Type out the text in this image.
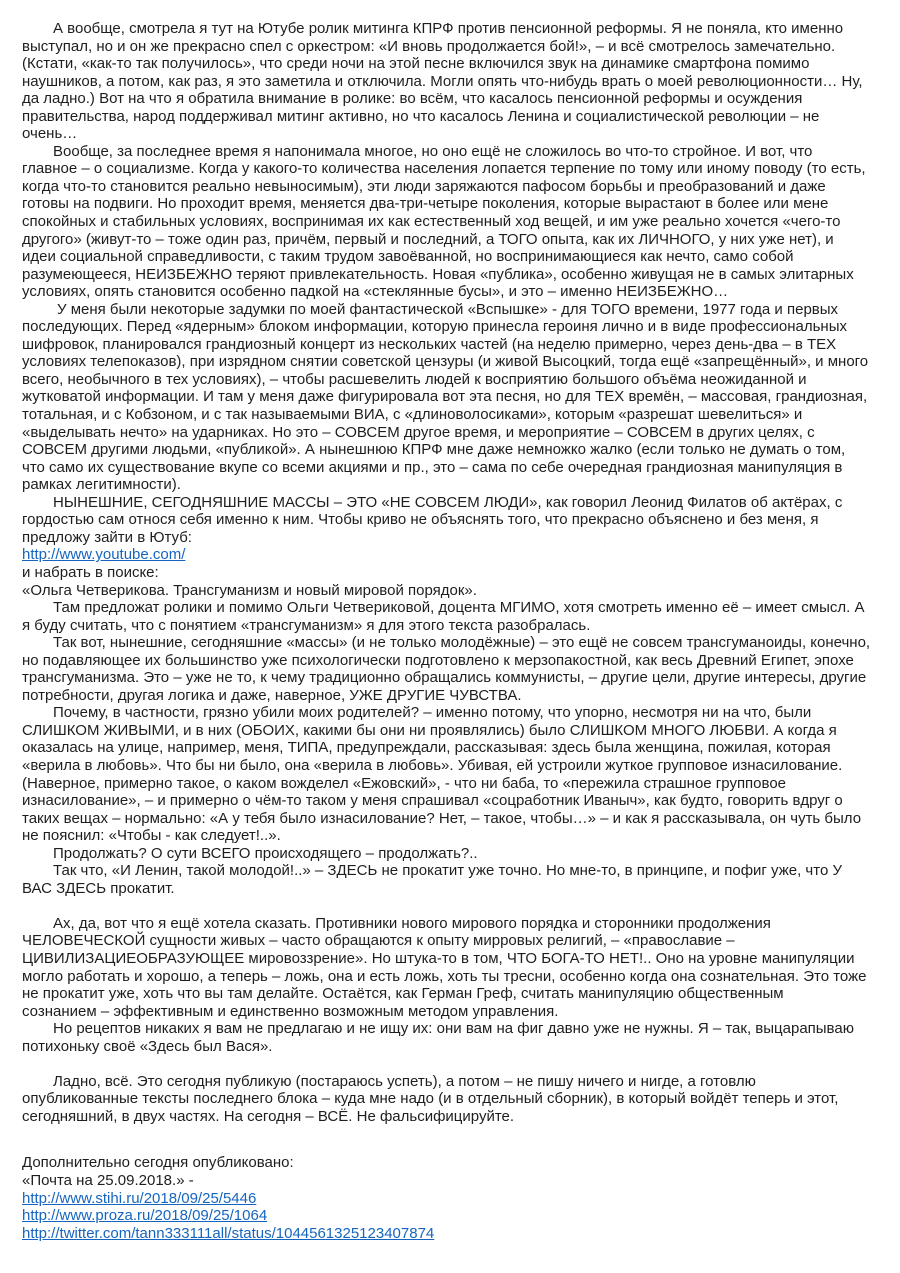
А вообще, смотрела я тут на Ютубе ролик митинга КПРФ против пенсионной реформы. Я не поняла, кто именно
выступал, но и он же прекрасно спел с оркестром: «И вновь продолжается бой!», – и всё смотрелось замечательно.
(Кстати, «как-то так получилось», что среди ночи на этой песне включился звук на динамике смартфона помимо
наушников, а потом, как раз, я это заметила и отключила. Могли опять что-нибудь врать о моей революционности… Ну,
да ладно.) Вот на что я обратила внимание в ролике: во всём, что касалось пенсионной реформы и осуждения
правительства, народ поддерживал митинг активно, но что касалось Ленина и социалистической революции – не
очень…
Вообще, за последнее время я напонимала многое, но оно ещё не сложилось во что-то стройное. И вот, что
главное – о социализме. Когда у какого-то количества населения лопается терпение по тому или иному поводу (то есть,
когда что-то становится реально невыносимым), эти люди заряжаются пафосом борьбы и преобразований и даже
готовы на подвиги. Но проходит время, меняется два-три-четыре поколения, которые вырастают в более или мене
спокойных и стабильных условиях, воспринимая их как естественный ход вещей, и им уже реально хочется «чего-то
другого» (живут-то – тоже один раз, причём, первый и последний, а ТОГО опыта, как их ЛИЧНОГО, у них уже нет), и
идеи социальной справедливости, с таким трудом завоёванной, но воспринимающиеся как нечто, само собой
разумеющееся, НЕИЗБЕЖНО теряют привлекательность. Новая «публика», особенно живущая не в самых элитарных
условиях, опять становится особенно падкой на «стеклянные бусы», и это – именно НЕИЗБЕЖНО…
У меня были некоторые задумки по моей фантастической «Вспышке» - для ТОГО времени, 1977 года и первых
последующих. Перед «ядерным» блоком информации, которую принесла героиня лично и в виде профессиональных
шифровок, планировался грандиозный концерт из нескольких частей (на неделю примерно, через день-два – в ТЕХ
условиях телепоказов), при изрядном снятии советской цензуры (и живой Высоцкий, тогда ещё «запрещённый», и много
всего, необычного в тех условиях), – чтобы расшевелить людей к восприятию большого объёма неожиданной и
жутковатой информации. И там у меня даже фигурировала вот эта песня, но для ТЕХ времён, – массовая, грандиозная,
тотальная, и с Кобзоном, и с так называемыми ВИА, с «длиноволосиками», которым «разрешат шевелиться» и
«выделывать нечто» на ударниках. Но это – СОВСЕМ другое время, и мероприятие – СОВСЕМ в других целях, с
СОВСЕМ другими людьми, «публикой». А нынешнюю КПРФ мне даже немножко жалко (если только не думать о том,
что само их существование вкупе со всеми акциями и пр., это – сама по себе очередная грандиозная манипуляция в
рамках легитимности).
НЫНЕШНИЕ, СЕГОДНЯШНИЕ МАССЫ – ЭТО «НЕ СОВСЕМ ЛЮДИ», как говорил Леонид Филатов об актёрах, с
гордостью сам относя себя именно к ним. Чтобы криво не объяснять того, что прекрасно объяснено и без меня, я
предложу зайти в Ютуб:
http://www.youtube.com/
и набрать в поиске:
«Ольга Четверикова. Трансгуманизм и новый мировой порядок».
Там предложат ролики и помимо Ольги Четвериковой, доцента МГИМО, хотя смотреть именно её – имеет смысл. А
я буду считать, что с понятием «трансгуманизм» я для этого текста разобралась.
Так вот, нынешние, сегодняшние «массы» (и не только молодёжные) – это ещё не совсем трансгуманоиды, конечно,
но подавляющее их большинство уже психологически подготовлено к мерзопакостной, как весь Древний Египет, эпохе
трансгуманизма. Это – уже не то, к чему традиционно обращались коммунисты, – другие цели, другие интересы, другие
потребности, другая логика и даже, наверное, УЖЕ ДРУГИЕ ЧУВСТВА.
Почему, в частности, грязно убили моих родителей? – именно потому, что упорно, несмотря ни на что, были
СЛИШКОМ ЖИВЫМИ, и в них (ОБОИХ, какими бы они ни проявлялись) было СЛИШКОМ МНОГО ЛЮБВИ. А когда я
оказалась на улице, например, меня, ТИПА, предупреждали, рассказывая: здесь была женщина, пожилая, которая
«верила в любовь». Что бы ни было, она «верила в любовь». Убивая, ей устроили жуткое групповое изнасилование.
(Наверное, примерно такое, о каком вожделел «Ежовский», - что ни баба, то «пережила страшное групповое
изнасилование», – и примерно о чём-то таком у меня спрашивал «соцработник Иваныч», как будто, говорить вдруг о
таких вещах – нормально: «А у тебя было изнасилование? Нет, – такое, чтобы…» – и как я рассказывала, он чуть было
не пояснил: «Чтобы - как следует!..».
Продолжать? О сути ВСЕГО происходящего – продолжать?..
Так что, «И Ленин, такой молодой!..» – ЗДЕСЬ не прокатит уже точно. Но мне-то, в принципе, и пофиг уже, что У
ВАС ЗДЕСЬ прокатит.
Ах, да, вот что я ещё хотела сказать. Противники нового мирового порядка и сторонники продолжения
ЧЕЛОВЕЧЕСКОЙ сущности живых – часто обращаются к опыту мирровых религий, – «православие –
ЦИВИЛИЗАЦИЕОБРАЗУЮЩЕЕ мировоззрение». Но штука-то в том, ЧТО БОГА-ТО НЕТ!.. Оно на уровне манипуляции
могло работать и хорошо, а теперь – ложь, она и есть ложь, хоть ты тресни, особенно когда она сознательная. Это тоже
не прокатит уже, хоть что вы там делайте. Остаётся, как Герман Греф, считать манипуляцию общественным
сознанием – эффективным и единственно возможным методом управления.
Но рецептов никаких я вам не предлагаю и не ищу их: они вам на фиг давно уже не нужны. Я – так, выцарапываю
потихоньку своё «Здесь был Вася».
Ладно, всё. Это сегодня публикую (постараюсь успеть), а потом – не пишу ничего и нигде, а готовлю
опубликованные тексты последнего блока – куда мне надо (и в отдельный сборник), в который войдёт теперь и этот,
сегодняшний, в двух частях. На сегодня – ВСЁ. Не фальсифицируйте.
Дополнительно сегодня опубликовано:
«Почта на 25.09.2018.» -
http://www.stihi.ru/2018/09/25/5446
http://www.proza.ru/2018/09/25/1064
http://twitter.com/tann333111all/status/1044561325123407874
